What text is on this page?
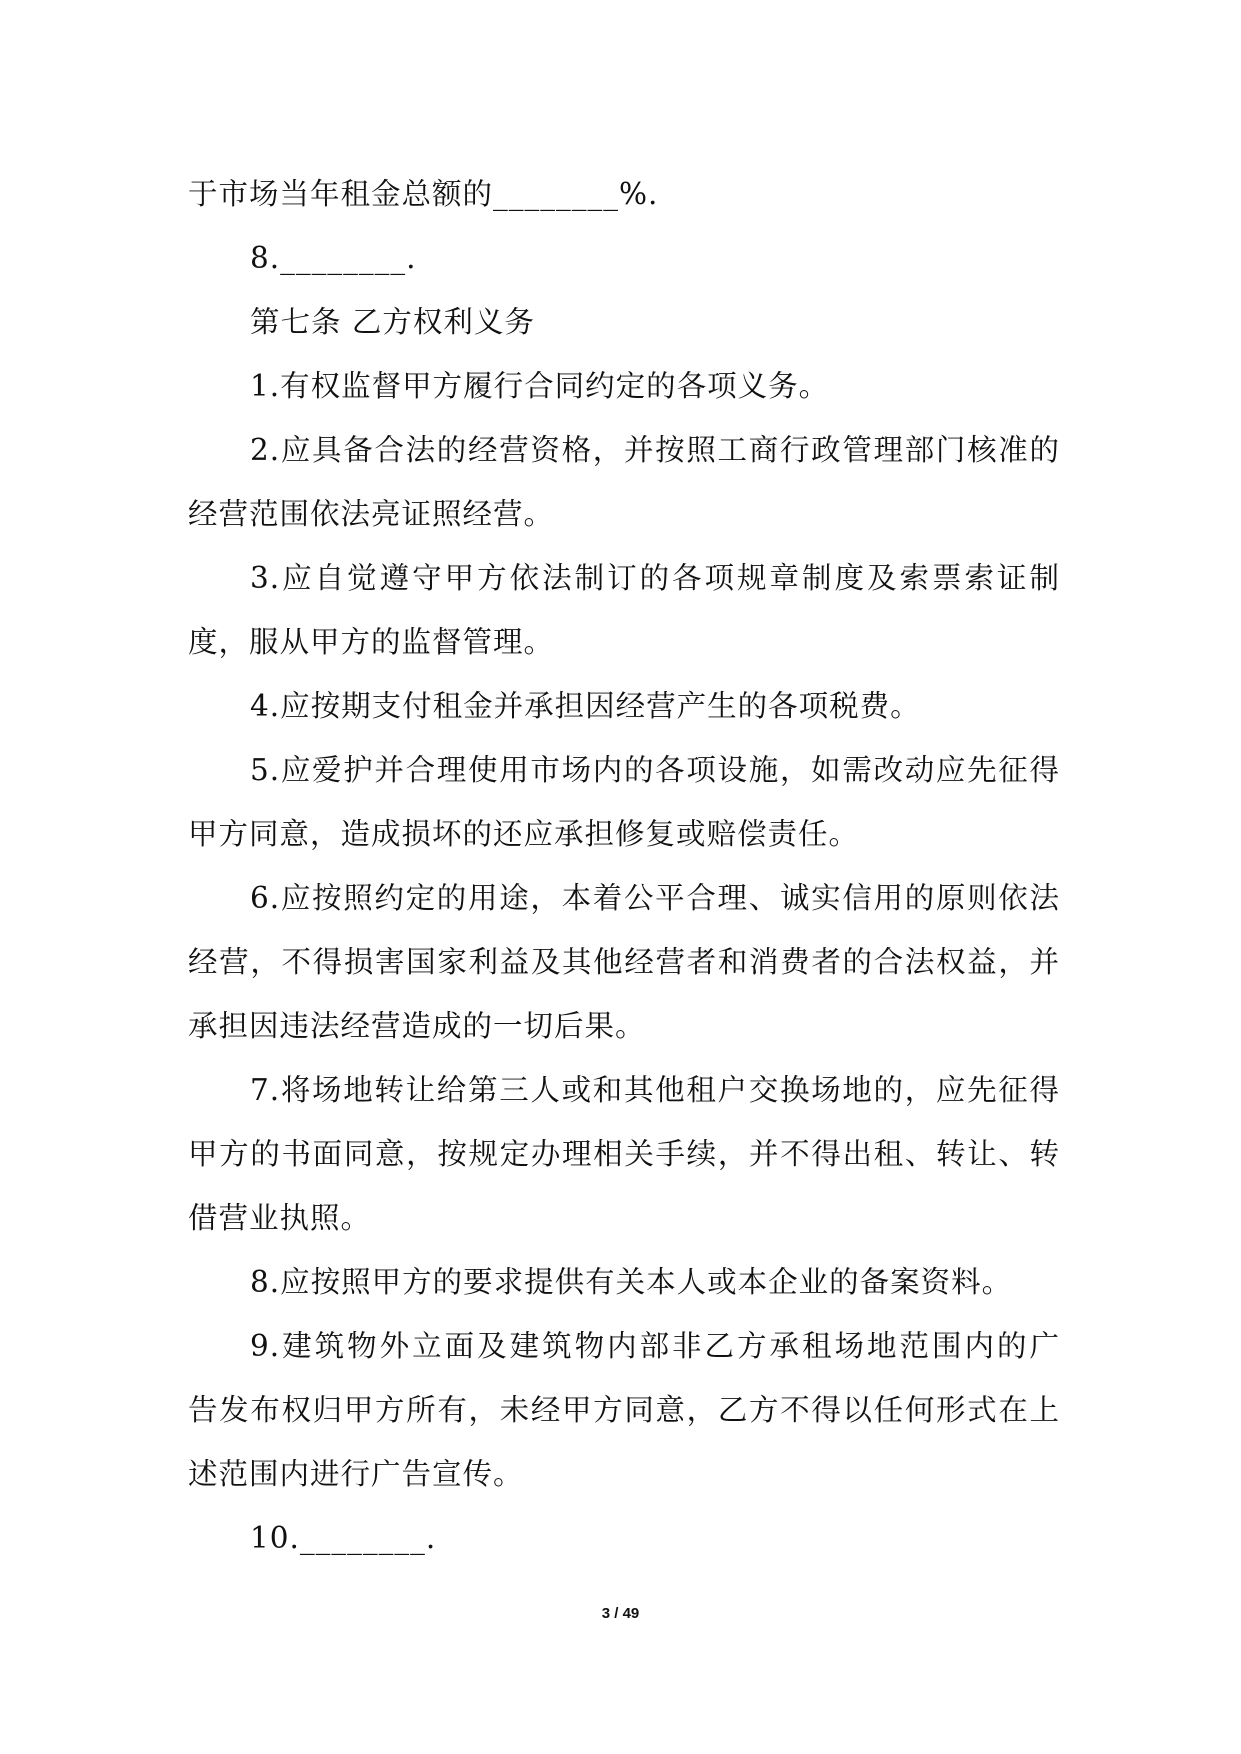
于市场当年租金总额的________%.
8.________.
第七条 乙方权利义务
1.有权监督甲方履行合同约定的各项义务。
2.应具备合法的经营资格，并按照工商行政管理部门核准的
经营范围依法亮证照经营。
3.应自觉遵守甲方依法制订的各项规章制度及索票索证制
度，服从甲方的监督管理。
4.应按期支付租金并承担因经营产生的各项税费。
5.应爱护并合理使用市场内的各项设施，如需改动应先征得
甲方同意，造成损坏的还应承担修复或赔偿责任。
6.应按照约定的用途，本着公平合理、诚实信用的原则依法
经营，不得损害国家利益及其他经营者和消费者的合法权益，并
承担因违法经营造成的一切后果。
7.将场地转让给第三人或和其他租户交换场地的，应先征得
甲方的书面同意，按规定办理相关手续，并不得出租、转让、转
借营业执照。
8.应按照甲方的要求提供有关本人或本企业的备案资料。
9.建筑物外立面及建筑物内部非乙方承租场地范围内的广
告发布权归甲方所有，未经甲方同意，乙方不得以任何形式在上
述范围内进行广告宣传。
10.________.
3 / 49
